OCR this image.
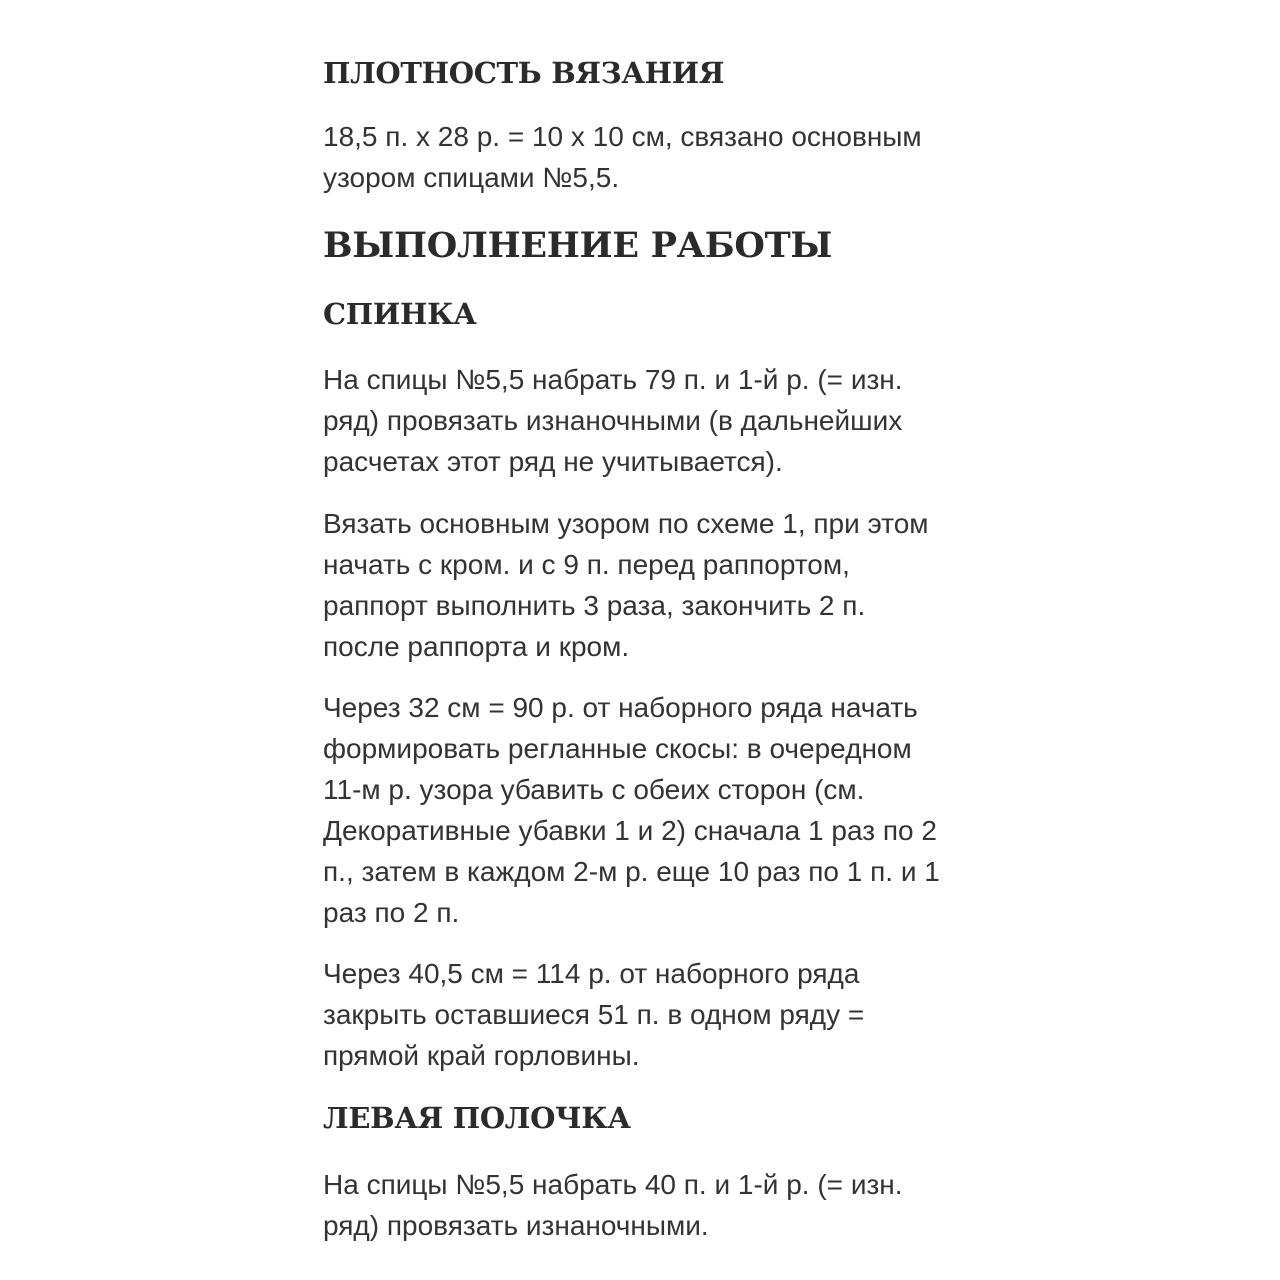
ПЛОТНОСТЬ ВЯЗАНИЯ

18,5 п. х 28 р. = 10 х 10 см, связано основным
узором спицами №5,5.

ВЫПОЛНЕНИЕ РАБОТЫ
СПИНКА

На спицы №5,5 набрать 79 п. и 1-й р. (= изн.
ряд) провязать изнаночными (в дальнейших
расчетах этот ряд не учитывается).

Вязать основным узором по схеме 1, при этом
начать с кром. и с 9 п. перед раппортом,
раппорт выполнить 3 раза, закончить 2 п.
после раппорта и кром.

Через 32 см = 90 р. от наборного ряда начать
формировать регланные скосы: в очередном
11-м р. узора убавить с обеих сторон (см.
Декоративные убавки 1 и 2) сначала 1 раз по 2
п., затем в каждом 2-м р. еще 10 раз по 1 п. и 1
раз по 2 п.

Через 40,5 см = 114 р. от наборного ряда
закрыть оставшиеся 51 п. в одном ряду =
прямой край горловины.

ЛЕВАЯ ПОЛОЧКА

На спицы №5,5 набрать 40 п. и 1-й р. (= изн.
ряд) провязать изнаночными.
